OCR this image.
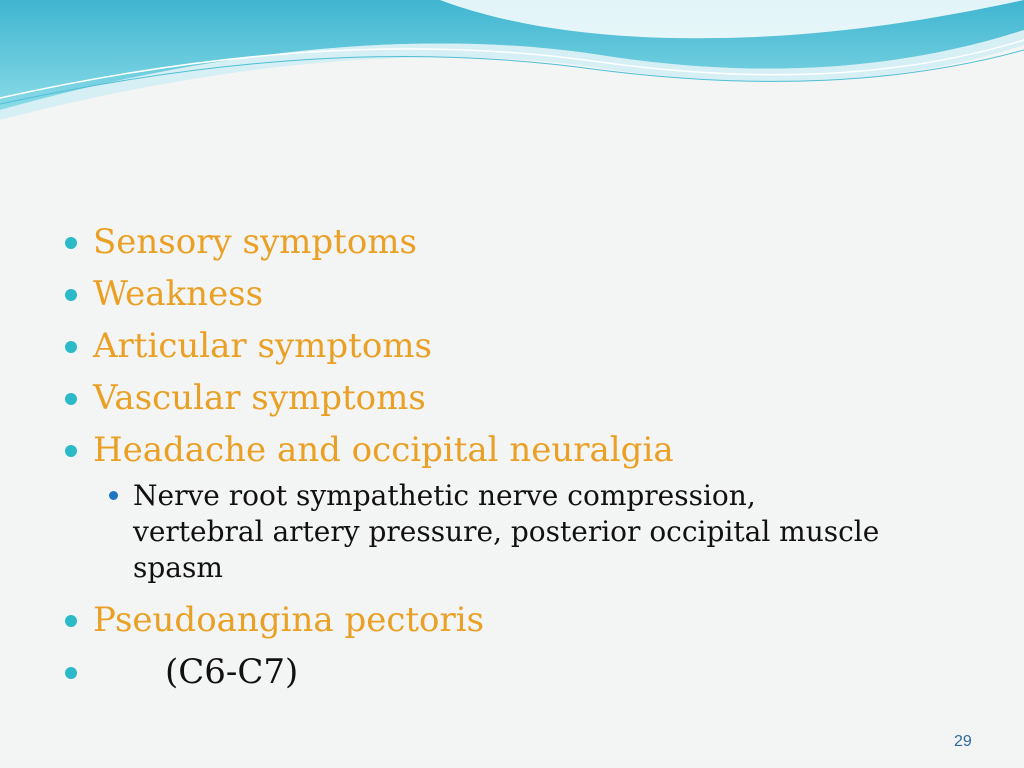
Sensory symptoms
Weakness
Articular symptoms
Vascular symptoms
Headache and occipital neuralgia
Nerve root sympathetic nerve compression, vertebral artery pressure, posterior occipital muscle spasm
Pseudoangina pectoris
(C6-C7)
29
